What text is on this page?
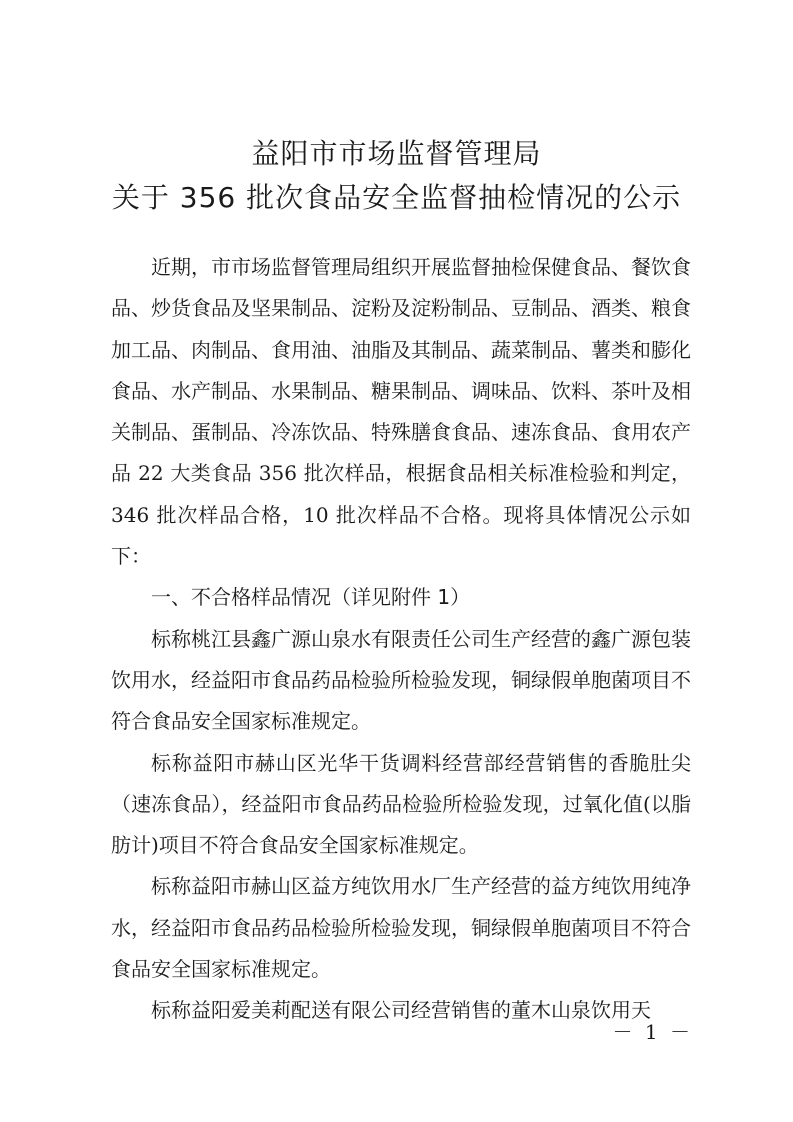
益阳市市场监督管理局
关于 356 批次食品安全监督抽检情况的公示

近期，市市场监督管理局组织开展监督抽检保健食品、餐饮食品、炒货食品及坚果制品、淀粉及淀粉制品、豆制品、酒类、粮食加工品、肉制品、食用油、油脂及其制品、蔬菜制品、薯类和膨化食品、水产制品、水果制品、糖果制品、调味品、饮料、茶叶及相关制品、蛋制品、冷冻饮品、特殊膳食食品、速冻食品、食用农产品 22 大类食品 356 批次样品，根据食品相关标准检验和判定，346 批次样品合格，10 批次样品不合格。现将具体情况公示如下：

一、不合格样品情况（详见附件 1）

标称桃江县鑫广源山泉水有限责任公司生产经营的鑫广源包装饮用水，经益阳市食品药品检验所检验发现，铜绿假单胞菌项目不符合食品安全国家标准规定。

标称益阳市赫山区光华干货调料经营部经营销售的香脆肚尖（速冻食品），经益阳市食品药品检验所检验发现，过氧化值(以脂肪计)项目不符合食品安全国家标准规定。

标称益阳市赫山区益方纯饮用水厂生产经营的益方纯饮用纯净水，经益阳市食品药品检验所检验发现，铜绿假单胞菌项目不符合食品安全国家标准规定。

标称益阳爱美莉配送有限公司经营销售的董木山泉饮用天

－ 1 －
